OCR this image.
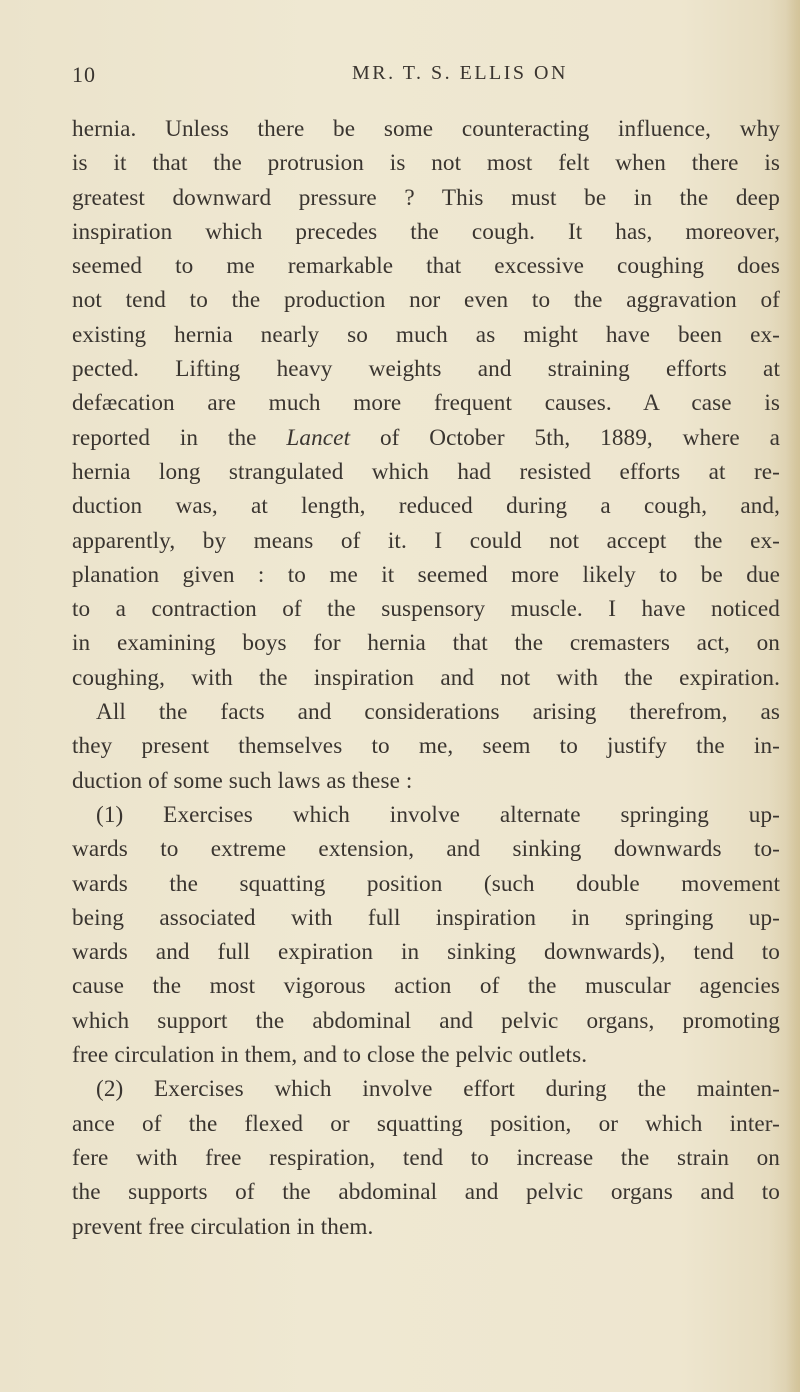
10	MR. T. S. ELLIS ON
hernia. Unless there be some counteracting influence, why
is it that the protrusion is not most felt when there is
greatest downward pressure ? This must be in the deep
inspiration which precedes the cough. It has, moreover,
seemed to me remarkable that excessive coughing does
not tend to the production nor even to the aggravation of
existing hernia nearly so much as might have been ex-
pected. Lifting heavy weights and straining efforts at
defæcation are much more frequent causes. A case is
reported in the Lancet of October 5th, 1889, where a
hernia long strangulated which had resisted efforts at re-
duction was, at length, reduced during a cough, and,
apparently, by means of it. I could not accept the ex-
planation given : to me it seemed more likely to be due
to a contraction of the suspensory muscle. I have noticed
in examining boys for hernia that the cremasters act, on
coughing, with the inspiration and not with the expiration.
All the facts and considerations arising therefrom, as
they present themselves to me, seem to justify the in-
duction of some such laws as these :
(1) Exercises which involve alternate springing up-
wards to extreme extension, and sinking downwards to-
wards the squatting position (such double movement
being associated with full inspiration in springing up-
wards and full expiration in sinking downwards), tend to
cause the most vigorous action of the muscular agencies
which support the abdominal and pelvic organs, promoting
free circulation in them, and to close the pelvic outlets.
(2) Exercises which involve effort during the mainten-
ance of the flexed or squatting position, or which inter-
fere with free respiration, tend to increase the strain on
the supports of the abdominal and pelvic organs and to
prevent free circulation in them.
